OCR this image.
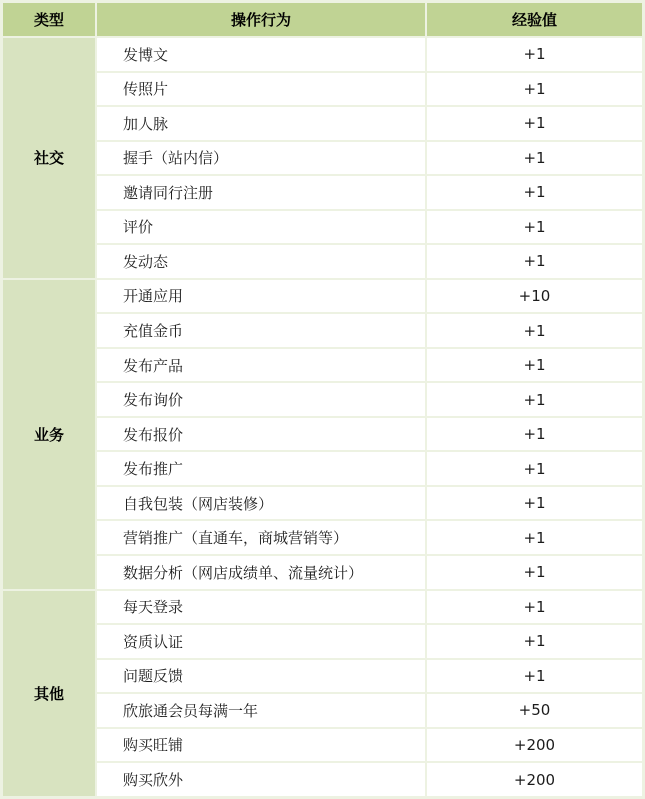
类型	操作行为	经验值
社交	发博文	+1
	传照片	+1
	加人脉	+1
	握手（站内信）	+1
	邀请同行注册	+1
	评价	+1
	发动态	+1
业务	开通应用	+10
	充值金币	+1
	发布产品	+1
	发布询价	+1
	发布报价	+1
	发布推广	+1
	自我包装（网店装修）	+1
	营销推广（直通车，商城营销等）	+1
	数据分析（网店成绩单、流量统计）	+1
其他	每天登录	+1
	资质认证	+1
	问题反馈	+1
	欣旅通会员每满一年	+50
	购买旺铺	+200
	购买欣外	+200
